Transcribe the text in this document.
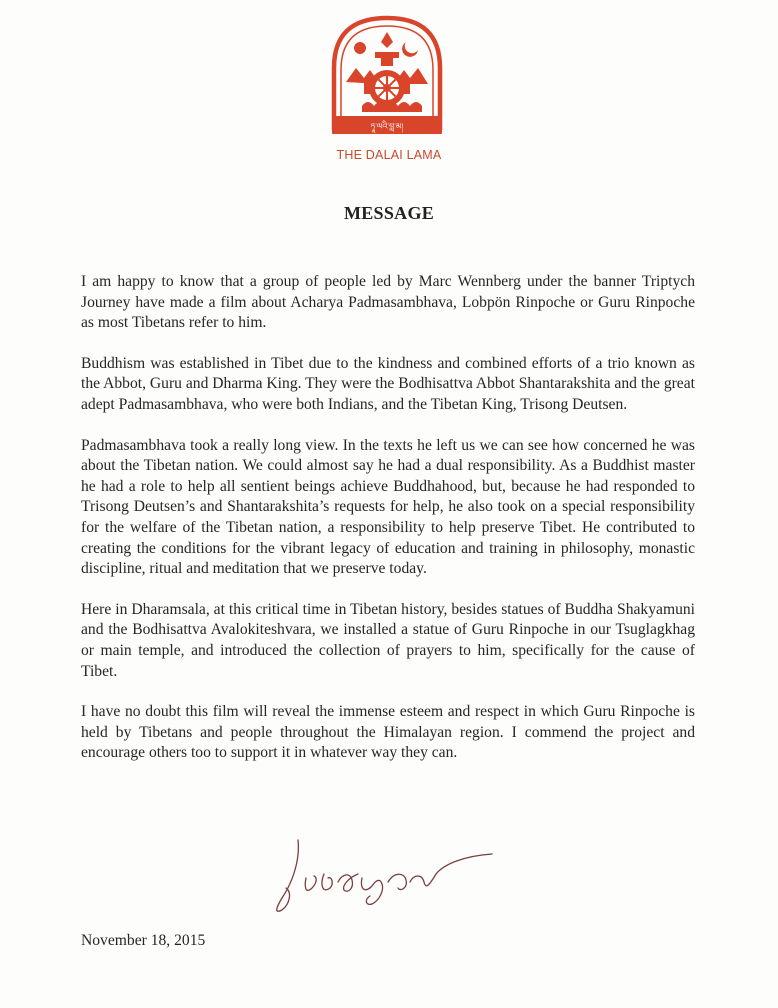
ཏཱ་ལའི་བླ་མ།
THE DALAI LAMA
MESSAGE

I am happy to know that a group of people led by Marc Wennberg under the banner Triptych Journey have made a film about Acharya Padmasambhava, Lobpön Rinpoche or Guru Rinpoche as most Tibetans refer to him.

Buddhism was established in Tibet due to the kindness and combined efforts of a trio known as the Abbot, Guru and Dharma King. They were the Bodhisattva Abbot Shantarakshita and the great adept Padmasambhava, who were both Indians, and the Tibetan King, Trisong Deutsen.

Padmasambhava took a really long view. In the texts he left us we can see how concerned he was about the Tibetan nation. We could almost say he had a dual responsibility. As a Buddhist master he had a role to help all sentient beings achieve Buddhahood, but, because he had responded to Trisong Deutsen’s and Shantarakshita’s requests for help, he also took on a special responsibility for the welfare of the Tibetan nation, a responsibility to help preserve Tibet. He contributed to creating the conditions for the vibrant legacy of education and training in philosophy, monastic discipline, ritual and meditation that we preserve today.

Here in Dharamsala, at this critical time in Tibetan history, besides statues of Buddha Shakyamuni and the Bodhisattva Avalokiteshvara, we installed a statue of Guru Rinpoche in our Tsuglagkhag or main temple, and introduced the collection of prayers to him, specifically for the cause of Tibet.

I have no doubt this film will reveal the immense esteem and respect in which Guru Rinpoche is held by Tibetans and people throughout the Himalayan region. I commend the project and encourage others too to support it in whatever way they can.

November 18, 2015
